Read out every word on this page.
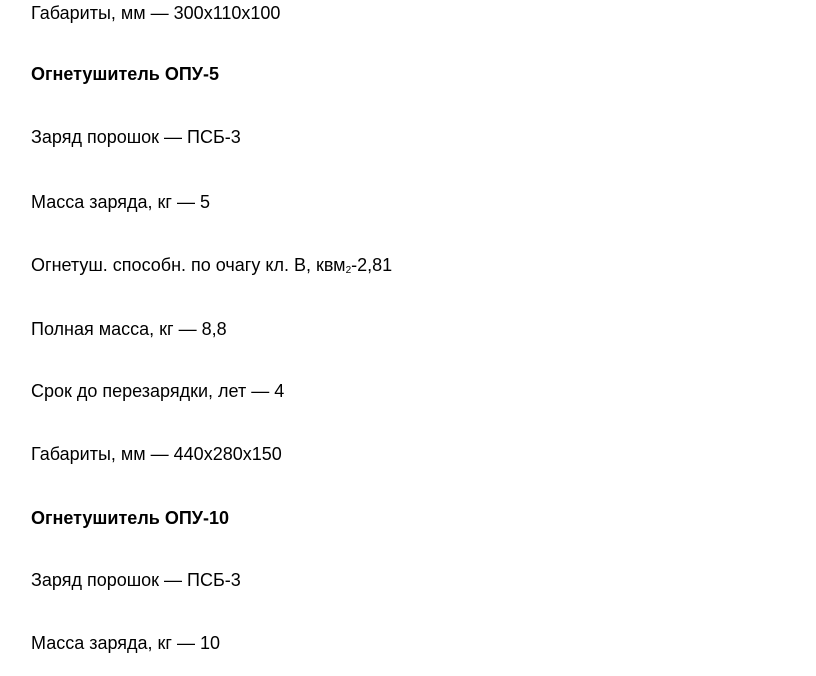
Габариты, мм — 300х110х100
Огнетушитель ОПУ-5
Заряд порошок — ПСБ-3
Масса заряда, кг — 5
Огнетуш. способн. по очагу кл. В, квм$_2$-2,81
Полная масса, кг — 8,8
Срок до перезарядки, лет — 4
Габариты, мм — 440х280х150
Огнетушитель ОПУ-10
Заряд порошок — ПСБ-3
Масса заряда, кг — 10
